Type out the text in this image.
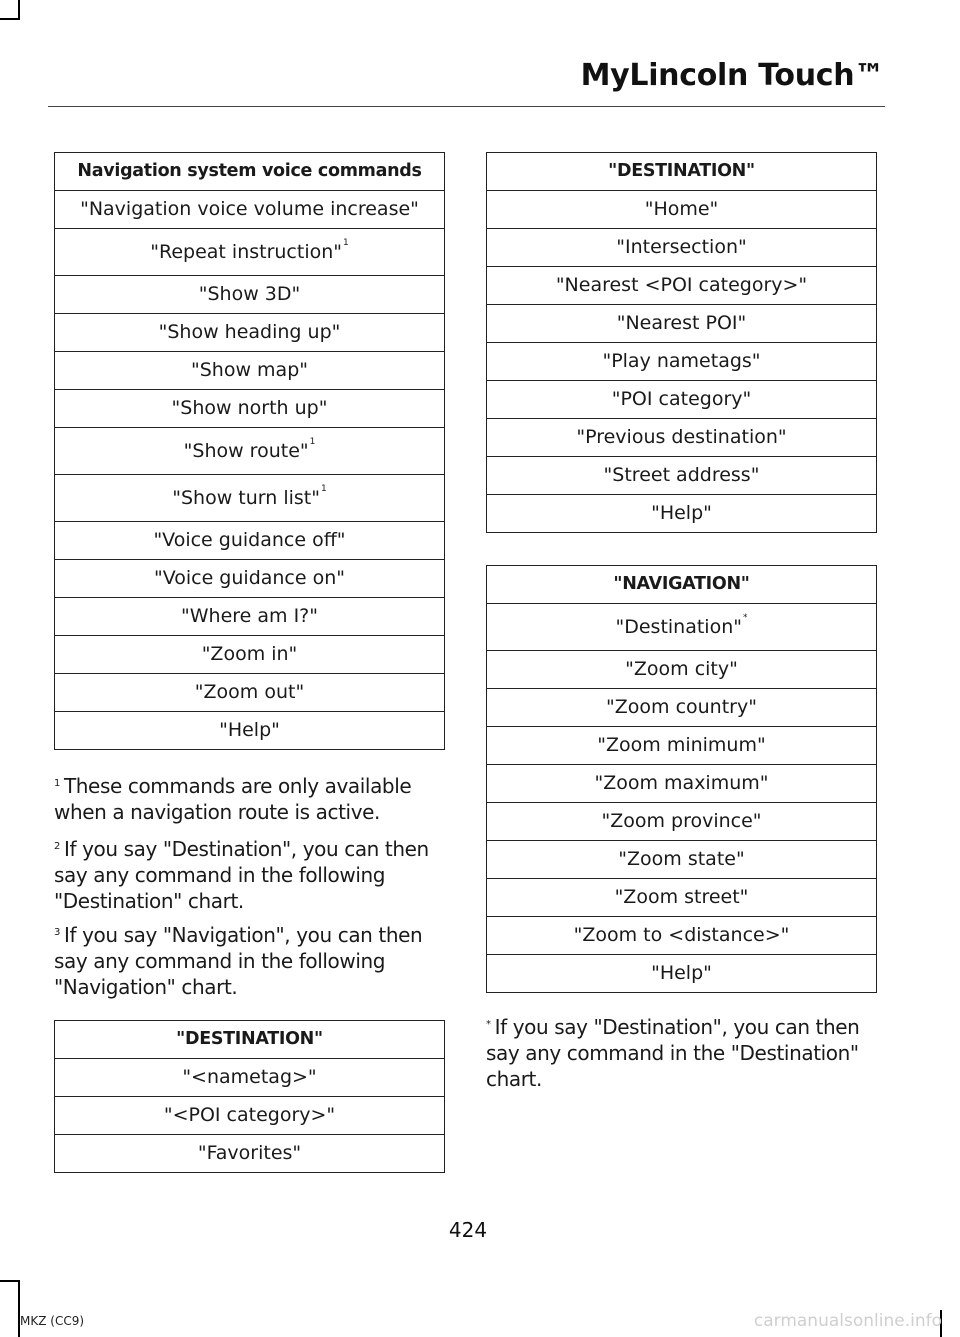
MyLincoln Touch™
Navigation system voice commands
"Navigation voice volume increase"
"Repeat instruction"$^1$
"Show 3D"
"Show heading up"
"Show map"
"Show north up"
"Show route"$^1$
"Show turn list"$^1$
"Voice guidance off"
"Voice guidance on"
"Where am I?"
"Zoom in"
"Zoom out"
"Help"
$^1$ These commands are only available when a navigation route is active.
$^2$ If you say "Destination", you can then say any command in the following "Destination" chart.
$^3$ If you say "Navigation", you can then say any command in the following "Navigation" chart.
"DESTINATION"
"<nametag>"
"<POI category>"
"Favorites"
"DESTINATION"
"Home"
"Intersection"
"Nearest <POI category>"
"Nearest POI"
"Play nametags"
"POI category"
"Previous destination"
"Street address"
"Help"
"NAVIGATION"
"Destination"*
"Zoom city"
"Zoom country"
"Zoom minimum"
"Zoom maximum"
"Zoom province"
"Zoom state"
"Zoom street"
"Zoom to <distance>"
"Help"
* If you say "Destination", you can then say any command in the "Destination" chart.
424
MKZ (CC9)	carmanualsonline.info
